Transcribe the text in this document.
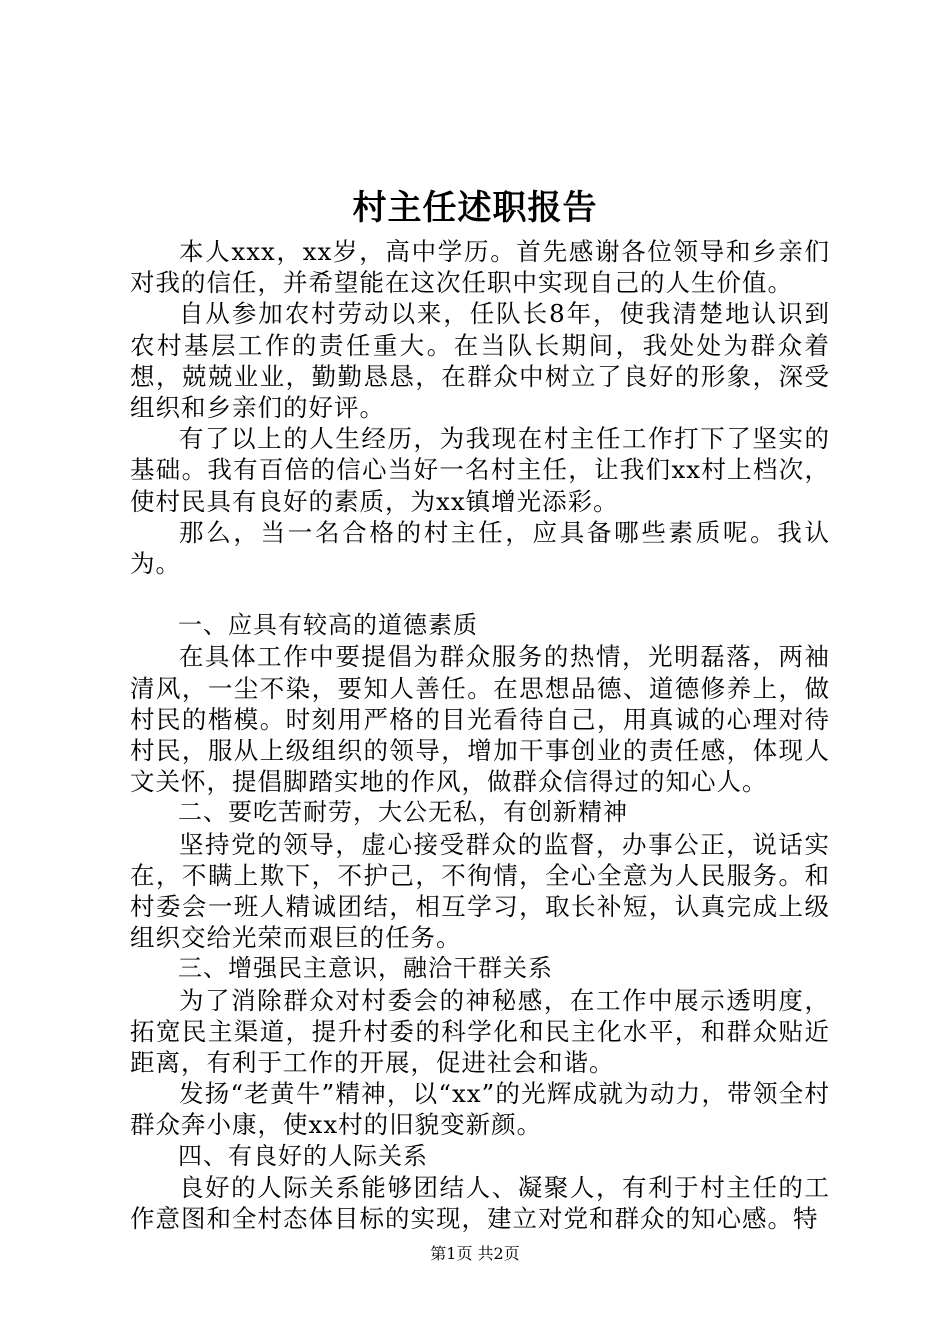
村主任述职报告

本人xxx，xx岁，高中学历。首先感谢各位领导和乡亲们对我的信任，并希望能在这次任职中实现自己的人生价值。

自从参加农村劳动以来，任队长8年，使我清楚地认识到农村基层工作的责任重大。在当队长期间，我处处为群众着想，兢兢业业，勤勤恳恳，在群众中树立了良好的形象，深受组织和乡亲们的好评。

有了以上的人生经历，为我现在村主任工作打下了坚实的基础。我有百倍的信心当好一名村主任，让我们xx村上档次，使村民具有良好的素质，为xx镇增光添彩。

那么，当一名合格的村主任，应具备哪些素质呢。我认为。

一、应具有较高的道德素质

在具体工作中要提倡为群众服务的热情，光明磊落，两袖清风，一尘不染，要知人善任。在思想品德、道德修养上，做村民的楷模。时刻用严格的目光看待自己，用真诚的心理对待村民，服从上级组织的领导，增加干事创业的责任感，体现人文关怀，提倡脚踏实地的作风，做群众信得过的知心人。

二、要吃苦耐劳，大公无私，有创新精神

坚持党的领导，虚心接受群众的监督，办事公正，说话实在，不瞒上欺下，不护己，不徇情，全心全意为人民服务。和村委会一班人精诚团结，相互学习，取长补短，认真完成上级组织交给光荣而艰巨的任务。

三、增强民主意识，融洽干群关系

为了消除群众对村委会的神秘感，在工作中展示透明度，拓宽民主渠道，提升村委的科学化和民主化水平，和群众贴近距离，有利于工作的开展，促进社会和谐。

发扬“老黄牛”精神，以“xx”的光辉成就为动力，带领全村群众奔小康，使xx村的旧貌变新颜。

四、有良好的人际关系

良好的人际关系能够团结人、凝聚人，有利于村主任的工作意图和全村态体目标的实现，建立对党和群众的知心感。特

第1页 共2页
